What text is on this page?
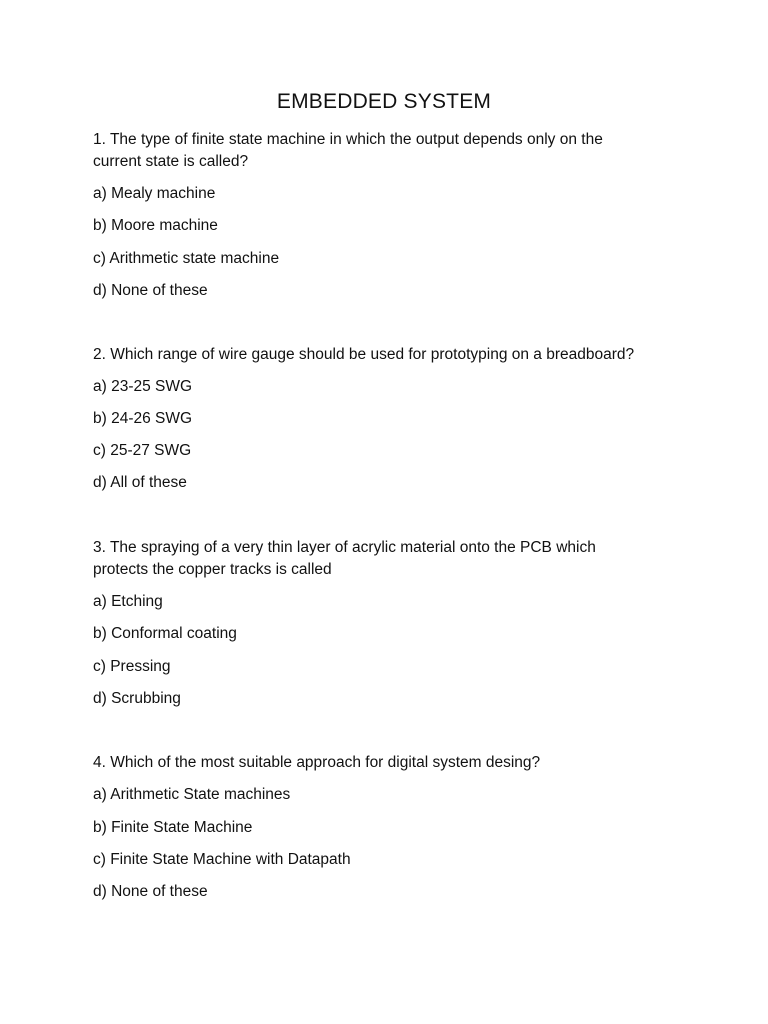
EMBEDDED SYSTEM
1. The type of finite state machine in which the output depends only on the
current state is called?
a) Mealy machine
b) Moore machine
c) Arithmetic state machine
d) None of these
2. Which range of wire gauge should be used for prototyping on a breadboard?
a) 23-25 SWG
b) 24-26 SWG
c) 25-27 SWG
d) All of these
3. The spraying of a very thin layer of acrylic material onto the PCB which
protects the copper tracks is called
a) Etching
b) Conformal coating
c) Pressing
d) Scrubbing
4. Which of the most suitable approach for digital system desing?
a) Arithmetic State machines
b) Finite State Machine
c) Finite State Machine with Datapath
d) None of these
